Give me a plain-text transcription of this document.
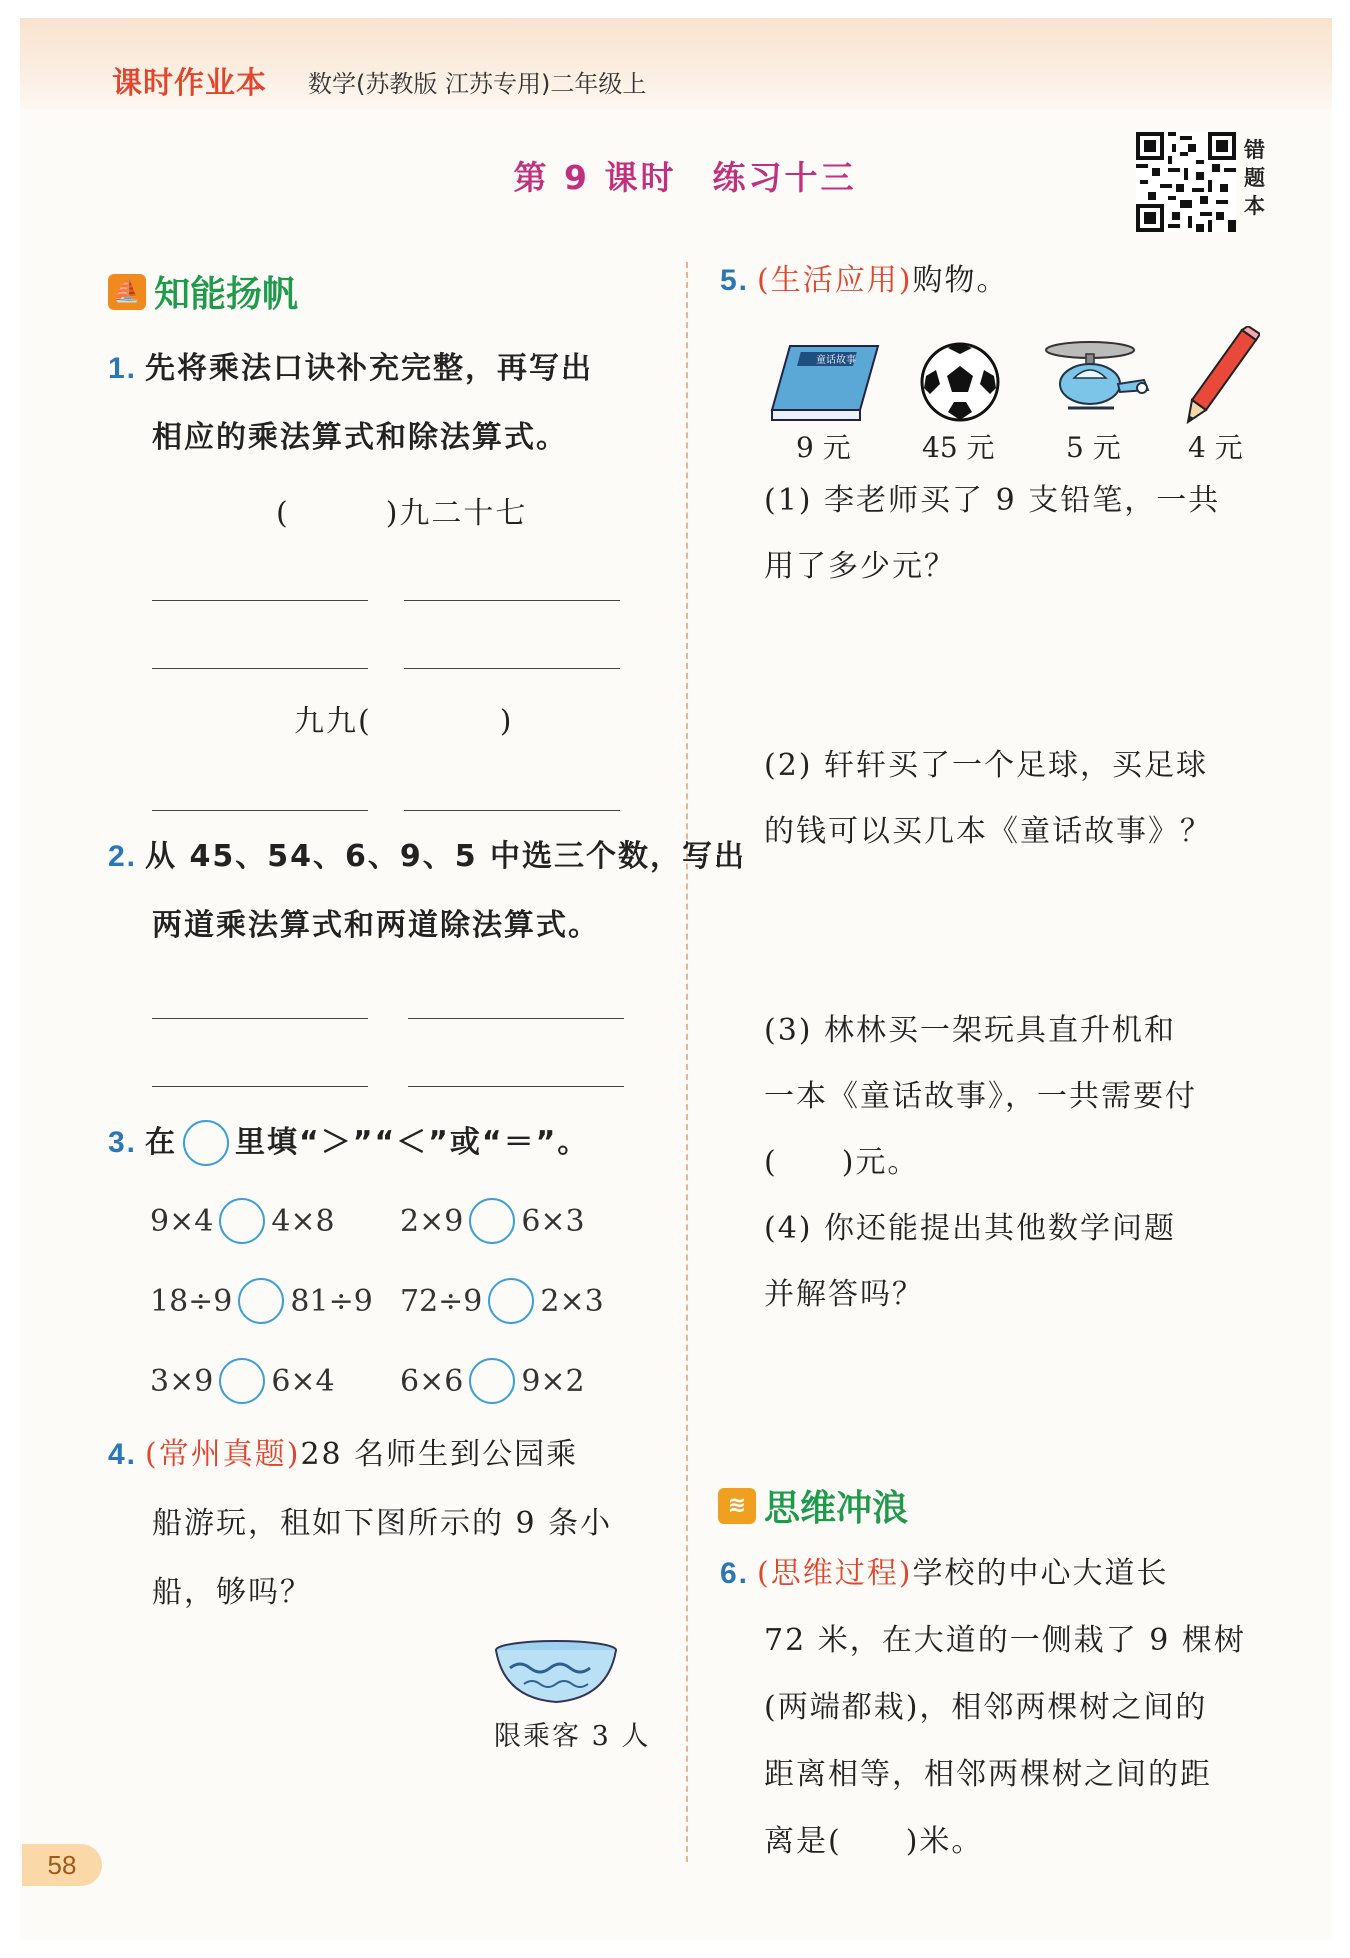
课时作业本 数学(苏教版 江苏专用)二年级上
第 9 课时　练习十三
错题本
⛵ 知能扬帆
1. 先将乘法口诀补充完整，再写出
相应的乘法算式和除法算式。
(　　　)九二十七
九九(　　　　)
2. 从 45、54、6、9、5 中选三个数，写出
两道乘法算式和两道除法算式。
3. 在 里填“＞”“＜”或“＝”。
9×4 4×8 2×9 6×3
18÷9 81÷9 72÷9 2×3
3×9 6×4 6×6 9×2
4. (常州真题)28 名师生到公园乘
船游玩，租如下图所示的 9 条小
船，够吗？
限乘客 3 人
5. (生活应用)购物。
童话故事
9 元	45 元	5 元 4 元
(1) 李老师买了 9 支铅笔，一共
用了多少元？
(2) 轩轩买了一个足球，买足球
的钱可以买几本《童话故事》？
(3) 林林买一架玩具直升机和
一本《童话故事》，一共需要付
(　　)元。
(4) 你还能提出其他数学问题
并解答吗？
≋ 思维冲浪
6. (思维过程)学校的中心大道长
72 米，在大道的一侧栽了 9 棵树
(两端都栽)，相邻两棵树之间的
距离相等，相邻两棵树之间的距
离是(　　)米。
58
